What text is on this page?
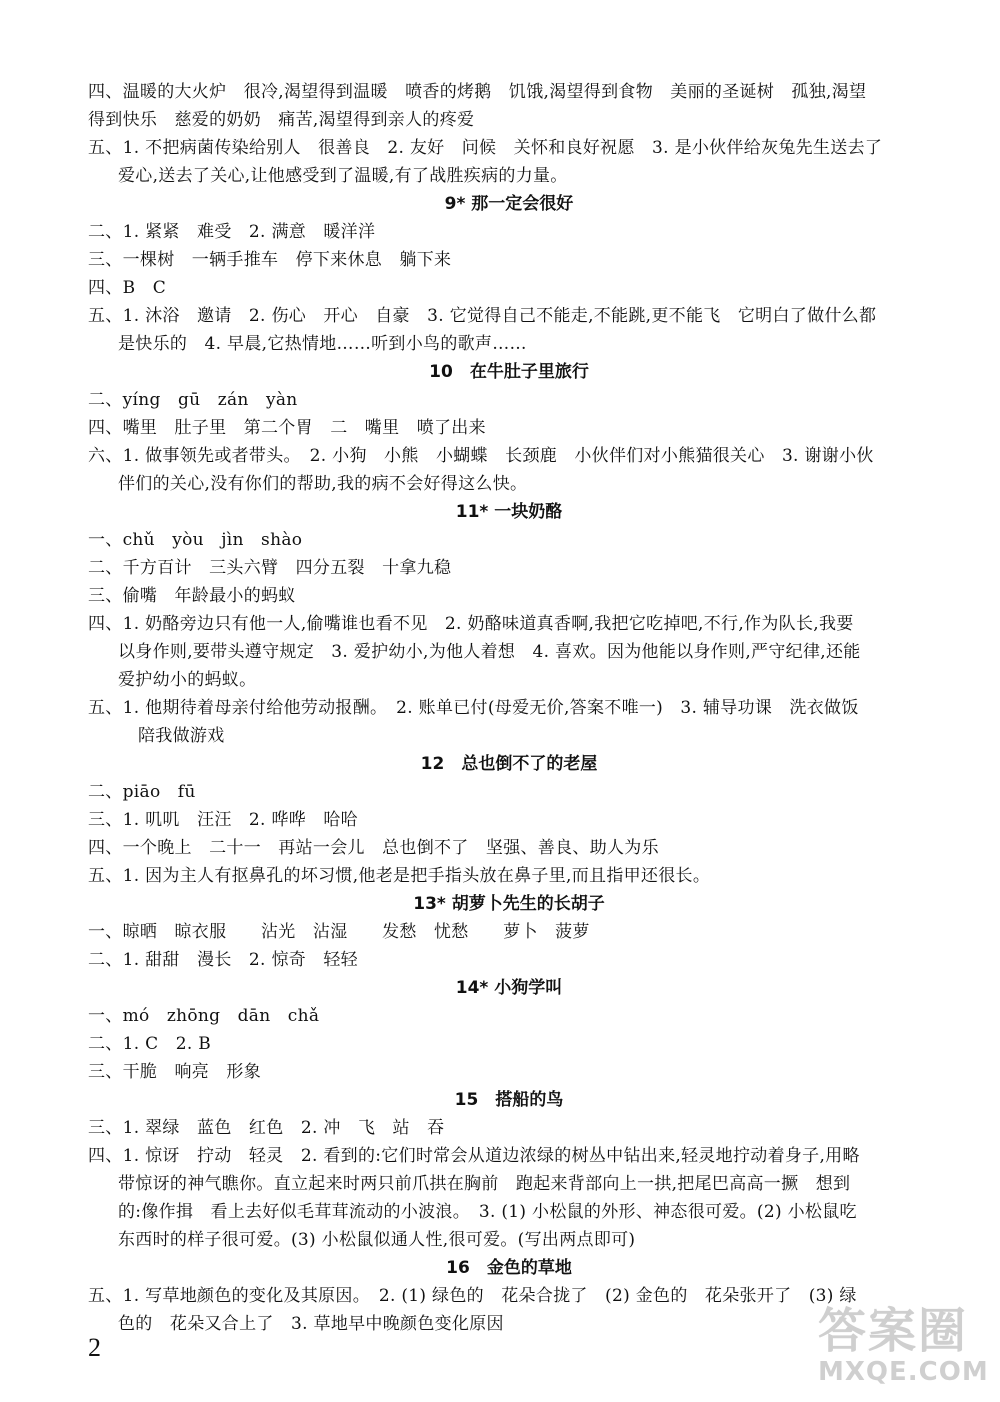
四、温暖的大火炉　很冷,渴望得到温暖　喷香的烤鹅　饥饿,渴望得到食物　美丽的圣诞树　孤独,渴望
得到快乐　慈爱的奶奶　痛苦,渴望得到亲人的疼爱
五、1. 不把病菌传染给别人　很善良　2. 友好　问候　关怀和良好祝愿　3. 是小伙伴给灰兔先生送去了
爱心,送去了关心,让他感受到了温暖,有了战胜疾病的力量。
9* 那一定会很好
二、1. 紧紧　难受　2. 满意　暖洋洋
三、一棵树　一辆手推车　停下来休息　躺下来
四、B　C
五、1. 沐浴　邀请　2. 伤心　开心　自豪　3. 它觉得自己不能走,不能跳,更不能飞　它明白了做什么都
是快乐的　4. 早晨,它热情地……听到小鸟的歌声……
10　在牛肚子里旅行
二、yíng　gū　zán　yàn
四、嘴里　肚子里　第二个胃　二　嘴里　喷了出来
六、1. 做事领先或者带头。　2. 小狗　小熊　小蝴蝶　长颈鹿　小伙伴们对小熊猫很关心　3. 谢谢小伙
伴们的关心,没有你们的帮助,我的病不会好得这么快。
11* 一块奶酪
一、chǔ　yòu　jìn　shào
二、千方百计　三头六臂　四分五裂　十拿九稳
三、偷嘴　年龄最小的蚂蚁
四、1. 奶酪旁边只有他一人,偷嘴谁也看不见　2. 奶酪味道真香啊,我把它吃掉吧,不行,作为队长,我要
以身作则,要带头遵守规定　3. 爱护幼小,为他人着想　4. 喜欢。因为他能以身作则,严守纪律,还能
爱护幼小的蚂蚁。
五、1. 他期待着母亲付给他劳动报酬。　2. 账单已付(母爱无价,答案不唯一)　3. 辅导功课　洗衣做饭
陪我做游戏
12　总也倒不了的老屋
二、piāo　fū
三、1. 叽叽　汪汪　2. 哗哗　哈哈
四、一个晚上　二十一　再站一会儿　总也倒不了　坚强、善良、助人为乐
五、1. 因为主人有抠鼻孔的坏习惯,他老是把手指头放在鼻子里,而且指甲还很长。
13* 胡萝卜先生的长胡子
一、晾晒　晾衣服　　沾光　沾湿　　发愁　忧愁　　萝卜　菠萝
二、1. 甜甜　漫长　2. 惊奇　轻轻
14* 小狗学叫
一、mó　zhōng　dān　chǎ
二、1. C　2. B
三、干脆　响亮　形象
15　搭船的鸟
三、1. 翠绿　蓝色　红色　2. 冲　飞　站　吞
四、1. 惊讶　拧动　轻灵　2. 看到的:它们时常会从道边浓绿的树丛中钻出来,轻灵地拧动着身子,用略
带惊讶的神气瞧你。直立起来时两只前爪拱在胸前　跑起来背部向上一拱,把尾巴高高一撅　想到
的:像作揖　看上去好似毛茸茸流动的小波浪。　3. (1) 小松鼠的外形、神态很可爱。(2) 小松鼠吃
东西时的样子很可爱。(3) 小松鼠似通人性,很可爱。(写出两点即可)
16　金色的草地
五、1. 写草地颜色的变化及其原因。　2. (1) 绿色的　花朵合拢了　(2) 金色的　花朵张开了　(3) 绿
色的　花朵又合上了　3. 草地早中晚颜色变化原因
2	答案圈
MXQE.COM
